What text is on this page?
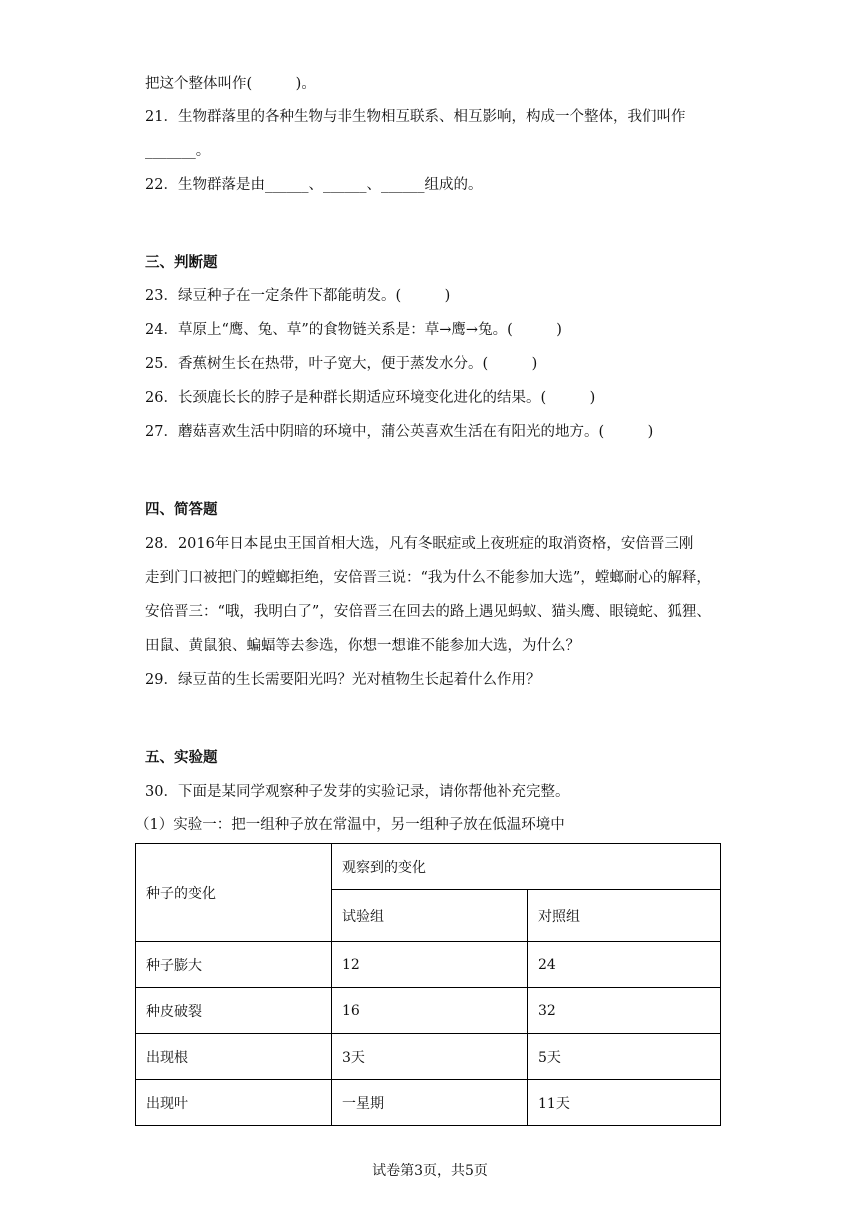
把这个整体叫作(　　　)。
21．生物群落里的各种生物与非生物相互联系、相互影响，构成一个整体，我们叫作
_______。
22．生物群落是由______、______、______组成的。
三、判断题
23．绿豆种子在一定条件下都能萌发。(　　　)
24．草原上“鹰、兔、草”的食物链关系是：草→鹰→兔。(　　　)
25．香蕉树生长在热带，叶子宽大，便于蒸发水分。(　　　)
26．长颈鹿长长的脖子是种群长期适应环境变化进化的结果。(　　　)
27．蘑菇喜欢生活中阴暗的环境中，蒲公英喜欢生活在有阳光的地方。(　　　)
四、简答题
28．2016年日本昆虫王国首相大选，凡有冬眠症或上夜班症的取消资格，安倍晋三刚
走到门口被把门的螳螂拒绝，安倍晋三说：“我为什么不能参加大选”，螳螂耐心的解释，
安倍晋三：“哦，我明白了”，安倍晋三在回去的路上遇见蚂蚁、猫头鹰、眼镜蛇、狐狸、
田鼠、黄鼠狼、蝙蝠等去参选，你想一想谁不能参加大选，为什么？
29．绿豆苗的生长需要阳光吗？光对植物生长起着什么作用？
五、实验题
30．下面是某同学观察种子发芽的实验记录，请你帮他补充完整。
（1）实验一：把一组种子放在常温中，另一组种子放在低温环境中
种子的变化	观察到的变化	
	试验组	对照组
种子膨大	12	24
种皮破裂	16	32
出现根	3天	5天
出现叶	一星期	11天
试卷第3页，共5页
